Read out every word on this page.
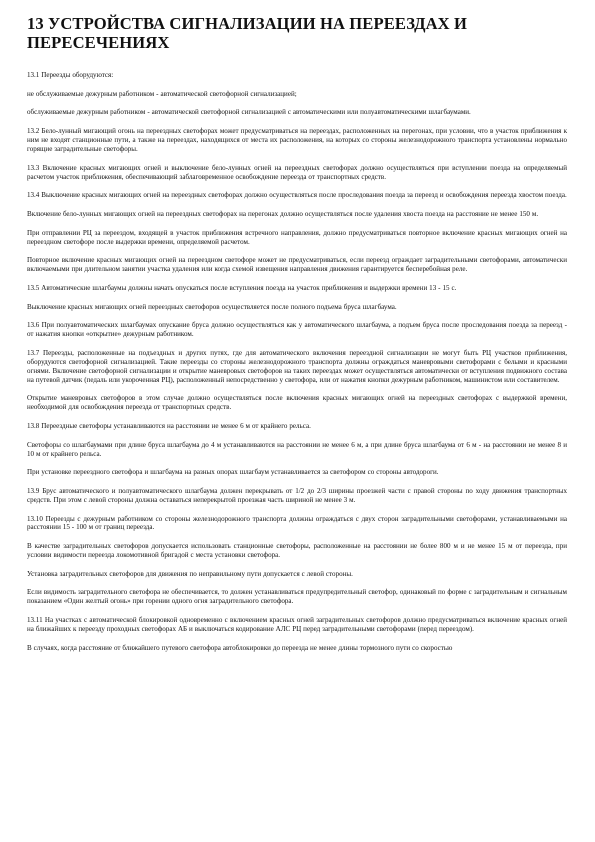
13 УСТРОЙСТВА СИГНАЛИЗАЦИИ НА ПЕРЕЕЗДАХ И ПЕРЕСЕЧЕНИЯХ

13.1 Переезды оборудуются:

не обслуживаемые дежурным работником - автоматической светофорной сигнализацией;

обслуживаемые дежурным работником - автоматической светофорной сигнализацией с автоматическими или полуавтоматическими шлагбаумами.

13.2 Бело-лунный мигающий огонь на переездных светофорах может предусматриваться на переездах, расположенных на перегонах, при условии, что в участок приближения к ним не входят станционные пути, а также на переездах, находящихся от места их расположения, на которых со стороны железнодорожного транспорта установлены нормально горящие заградительные светофоры.

13.3 Включение красных мигающих огней и выключение бело-лунных огней на переездных светофорах должно осуществляться при вступлении поезда на определяемый расчетом участок приближения, обеспечивающий заблаговременное освобождение переезда от транспортных средств.

13.4 Выключение красных мигающих огней на переездных светофорах должно осуществляться после проследования поезда за переезд и освобождения переезда хвостом поезда.

Включение бело-лунных мигающих огней на переездных светофорах на перегонах должно осуществляться после удаления хвоста поезда на расстояние не менее 150 м.

При отправлении РЦ за переездом, входящей в участок приближения встречного направления, должно предусматриваться повторное включение красных мигающих огней на переездном светофоре после выдержки времени, определяемой расчетом.

Повторное включение красных мигающих огней на переездном светофоре может не предусматриваться, если переезд ограждает заградительными светофорами, автоматически включаемыми при длительном занятии участка удаления или когда схемой извещения направления движения гарантируется бесперебойная реле.

13.5 Автоматические шлагбаумы должны начать опускаться после вступления поезда на участок приближения и выдержки времени 13 - 15 с.

Выключение красных мигающих огней переездных светофоров осуществляется после полного подъема бруса шлагбаума.

13.6 При полуавтоматических шлагбаумах опускание бруса должно осуществляться как у автоматического шлагбаума, а подъем бруса после проследования поезда за переезд - от нажатия кнопки «открытие» дежурным работником.

13.7 Переезды, расположенные на подъездных и других путях, где для автоматического включения переездной сигнализации не могут быть РЦ участков приближения, оборудуются светофорной сигнализацией. Такие переезды со стороны железнодорожного транспорта должны ограждаться маневровыми светофорами с белыми и красными огнями. Включение светофорной сигнализации и открытие маневровых светофоров на таких переездах может осуществляться автоматически от вступления подвижного состава на путевой датчик (педаль или укороченная РЦ), расположенный непосредственно у светофора, или от нажатия кнопки дежурным работником, машинистом или составителем.

Открытие маневровых светофоров в этом случае должно осуществляться после включения красных мигающих огней на переездных светофорах с выдержкой времени, необходимой для освобождения переезда от транспортных средств.

13.8 Переездные светофоры устанавливаются на расстоянии не менее 6 м от крайнего рельса.

Светофоры со шлагбаумами при длине бруса шлагбаума до 4 м устанавливаются на расстоянии не менее 6 м, а при длине бруса шлагбаума от 6 м - на расстоянии не менее 8 и 10 м от крайнего рельса.

При установке переездного светофора и шлагбаума на разных опорах шлагбаум устанавливается за светофором со стороны автодороги.

13.9 Брус автоматического и полуавтоматического шлагбаума должен перекрывать от 1/2 до 2/3 ширины проезжей части с правой стороны по ходу движения транспортных средств. При этом с левой стороны должна оставаться неперекрытой проезжая часть шириной не менее 3 м.

13.10 Переезды с дежурным работником со стороны железнодорожного транспорта должны ограждаться с двух сторон заградительными светофорами, устанавливаемыми на расстоянии 15 - 100 м от границ переезда.

В качестве заградительных светофоров допускается использовать станционные светофоры, расположенные на расстоянии не более 800 м и не менее 15 м от переезда, при условии видимости переезда локомотивной бригадой с места установки светофора.

Установка заградительных светофоров для движения по неправильному пути допускается с левой стороны.

Если видимость заградительного светофора не обеспечивается, то должен устанавливаться предупредительный светофор, одинаковый по форме с заградительным и сигнальным показанием «Один желтый огонь» при горении одного огня заградительного светофора.

13.11 На участках с автоматической блокировкой одновременно с включением красных огней заградительных светофоров должно предусматриваться включение красных огней на ближайших к переезду проходных светофорах АБ и выключаться кодирование АЛС РЦ перед заградительными светофорами (перед переездом).

В случаях, когда расстояние от ближайшего путевого светофора автоблокировки до переезда не менее длины тормозного пути со скоростью
